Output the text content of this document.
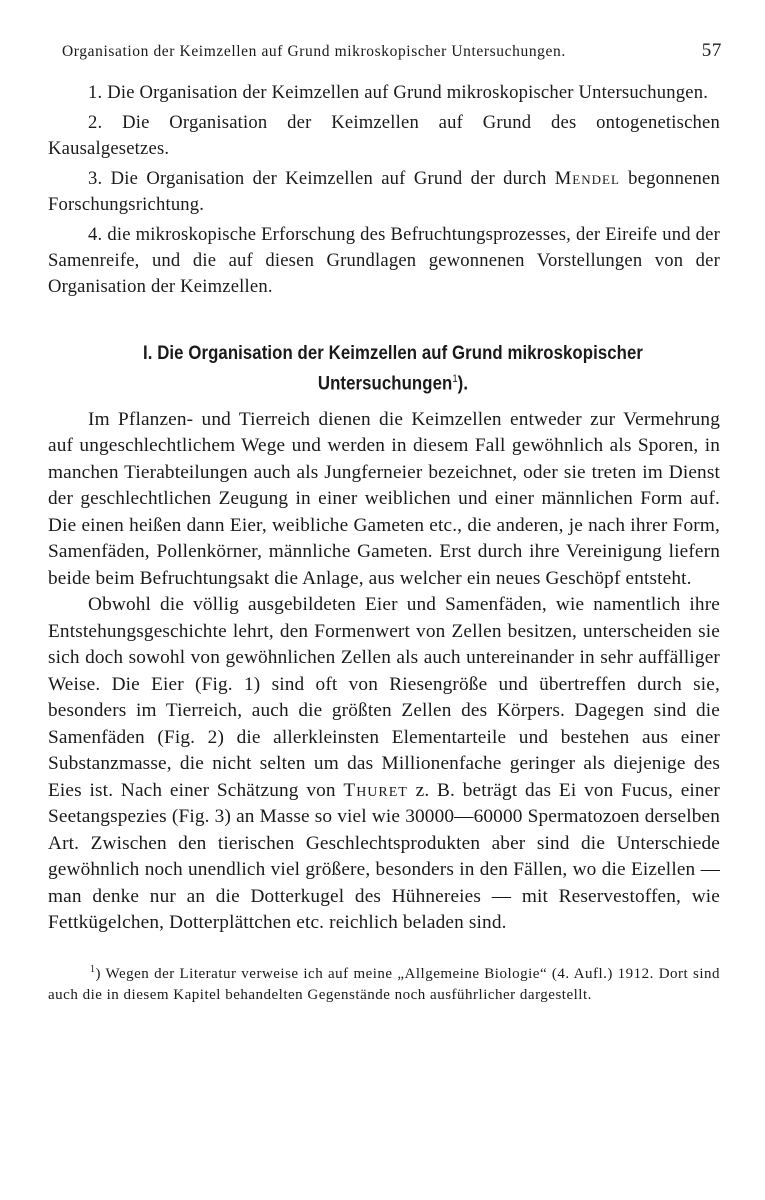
Organisation der Keimzellen auf Grund mikroskopischer Untersuchungen.	57
1. Die Organisation der Keimzellen auf Grund mikroskopischer Untersuchungen.
2. Die Organisation der Keimzellen auf Grund des ontogenetischen Kausalgesetzes.
3. Die Organisation der Keimzellen auf Grund der durch Mendel begonnenen Forschungsrichtung.
4. die mikroskopische Erforschung des Befruchtungsprozesses, der Eireife und der Samenreife, und die auf diesen Grundlagen gewonnenen Vorstellungen von der Organisation der Keimzellen.
I. Die Organisation der Keimzellen auf Grund mikroskopischer Untersuchungen$^1$).

Im Pflanzen- und Tierreich dienen die Keimzellen entweder zur Vermehrung auf ungeschlechtlichem Wege und werden in diesem Fall gewöhnlich als Sporen, in manchen Tierabteilungen auch als Jungferneier bezeichnet, oder sie treten im Dienst der geschlechtlichen Zeugung in einer weiblichen und einer männlichen Form auf. Die einen heißen dann Eier, weibliche Gameten etc., die anderen, je nach ihrer Form, Samenfäden, Pollenkörner, männliche Gameten. Erst durch ihre Vereinigung liefern beide beim Befruchtungsakt die Anlage, aus welcher ein neues Geschöpf entsteht.

Obwohl die völlig ausgebildeten Eier und Samenfäden, wie namentlich ihre Entstehungsgeschichte lehrt, den Formenwert von Zellen besitzen, unterscheiden sie sich doch sowohl von gewöhnlichen Zellen als auch untereinander in sehr auffälliger Weise. Die Eier (Fig. 1) sind oft von Riesengröße und übertreffen durch sie, besonders im Tierreich, auch die größten Zellen des Körpers. Dagegen sind die Samenfäden (Fig. 2) die allerkleinsten Elementarteile und bestehen aus einer Substanzmasse, die nicht selten um das Millionenfache geringer als diejenige des Eies ist. Nach einer Schätzung von Thuret z. B. beträgt das Ei von Fucus, einer Seetangspezies (Fig. 3) an Masse so viel wie 30000—60000 Spermatozoen derselben Art. Zwischen den tierischen Geschlechtsprodukten aber sind die Unterschiede gewöhnlich noch unendlich viel größere, besonders in den Fällen, wo die Eizellen — man denke nur an die Dotterkugel des Hühnereies — mit Reservestoffen, wie Fettkügelchen, Dotterplättchen etc. reichlich beladen sind.

$^1$) Wegen der Literatur verweise ich auf meine „Allgemeine Biologie“ (4. Aufl.) 1912. Dort sind auch die in diesem Kapitel behandelten Gegenstände noch ausführlicher dargestellt.
